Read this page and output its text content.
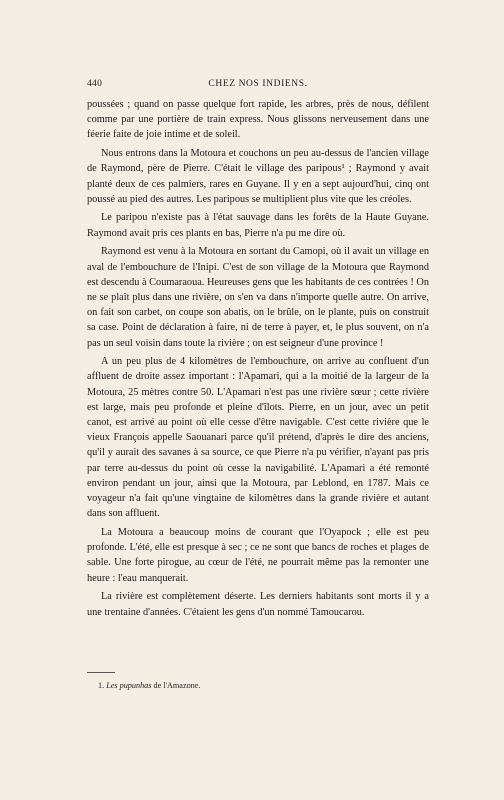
440	CHEZ NOS INDIENS.

poussées ; quand on passe quelque fort rapide, les arbres, près de nous, défilent comme par une portière de train express. Nous glissons nerveusement dans une féerie faite de joie intime et de soleil.

Nous entrons dans la Motoura et couchons un peu au-dessus de l'ancien village de Raymond, père de Pierre. C'était le village des paripous¹ ; Raymond y avait planté deux de ces palmiers, rares en Guyane. Il y en a sept aujourd'hui, cinq ont poussé au pied des autres. Les paripous se multiplient plus vite que les créoles.

Le paripou n'existe pas à l'état sauvage dans les forêts de la Haute Guyane. Raymond avait pris ces plants en bas, Pierre n'a pu me dire où.

Raymond est venu à la Motoura en sortant du Camopi, où il avait un village en aval de l'embouchure de l'Inipi. C'est de son village de la Motoura que Raymond est descendu à Coumaraoua. Heureuses gens que les habitants de ces contrées ! On ne se plaît plus dans une rivière, on s'en va dans n'importe quelle autre. On arrive, on fait son carbet, on coupe son abatis, on le brûle, on le plante, puis on construit sa case. Point de déclaration à faire, ni de terre à payer, et, le plus souvent, on n'a pas un seul voisin dans toute la rivière ; on est seigneur d'une province !

A un peu plus de 4 kilomètres de l'embouchure, on arrive au confluent d'un affluent de droite assez important : l'Apamari, qui a la moitié de la largeur de la Motoura, 25 mètres contre 50. L'Apamari n'est pas une rivière sœur ; cette rivière est large, mais peu profonde et pleine d'îlots. Pierre, en un jour, avec un petit canot, est arrivé au point où elle cesse d'être navigable. C'est cette rivière que le vieux François appelle Saouanari parce qu'il prétend, d'après le dire des anciens, qu'il y aurait des savanes à sa source, ce que Pierre n'a pu vérifier, n'ayant pas pris par terre au-dessus du point où cesse la navigabilité. L'Apamari a été remonté environ pendant un jour, ainsi que la Motoura, par Leblond, en 1787. Mais ce voyageur n'a fait qu'une vingtaine de kilomètres dans la grande rivière et autant dans son affluent.

La Motoura a beaucoup moins de courant que l'Oyapock ; elle est peu profonde. L'été, elle est presque à sec ; ce ne sont que bancs de roches et plages de sable. Une forte pirogue, au cœur de l'été, ne pourrait même pas la remonter une heure : l'eau manquerait.

La rivière est complètement déserte. Les derniers habitants sont morts il y a une trentaine d'années. C'étaient les gens d'un nommé Tamoucarou.

1. Les pupunhas de l'Amazone.
